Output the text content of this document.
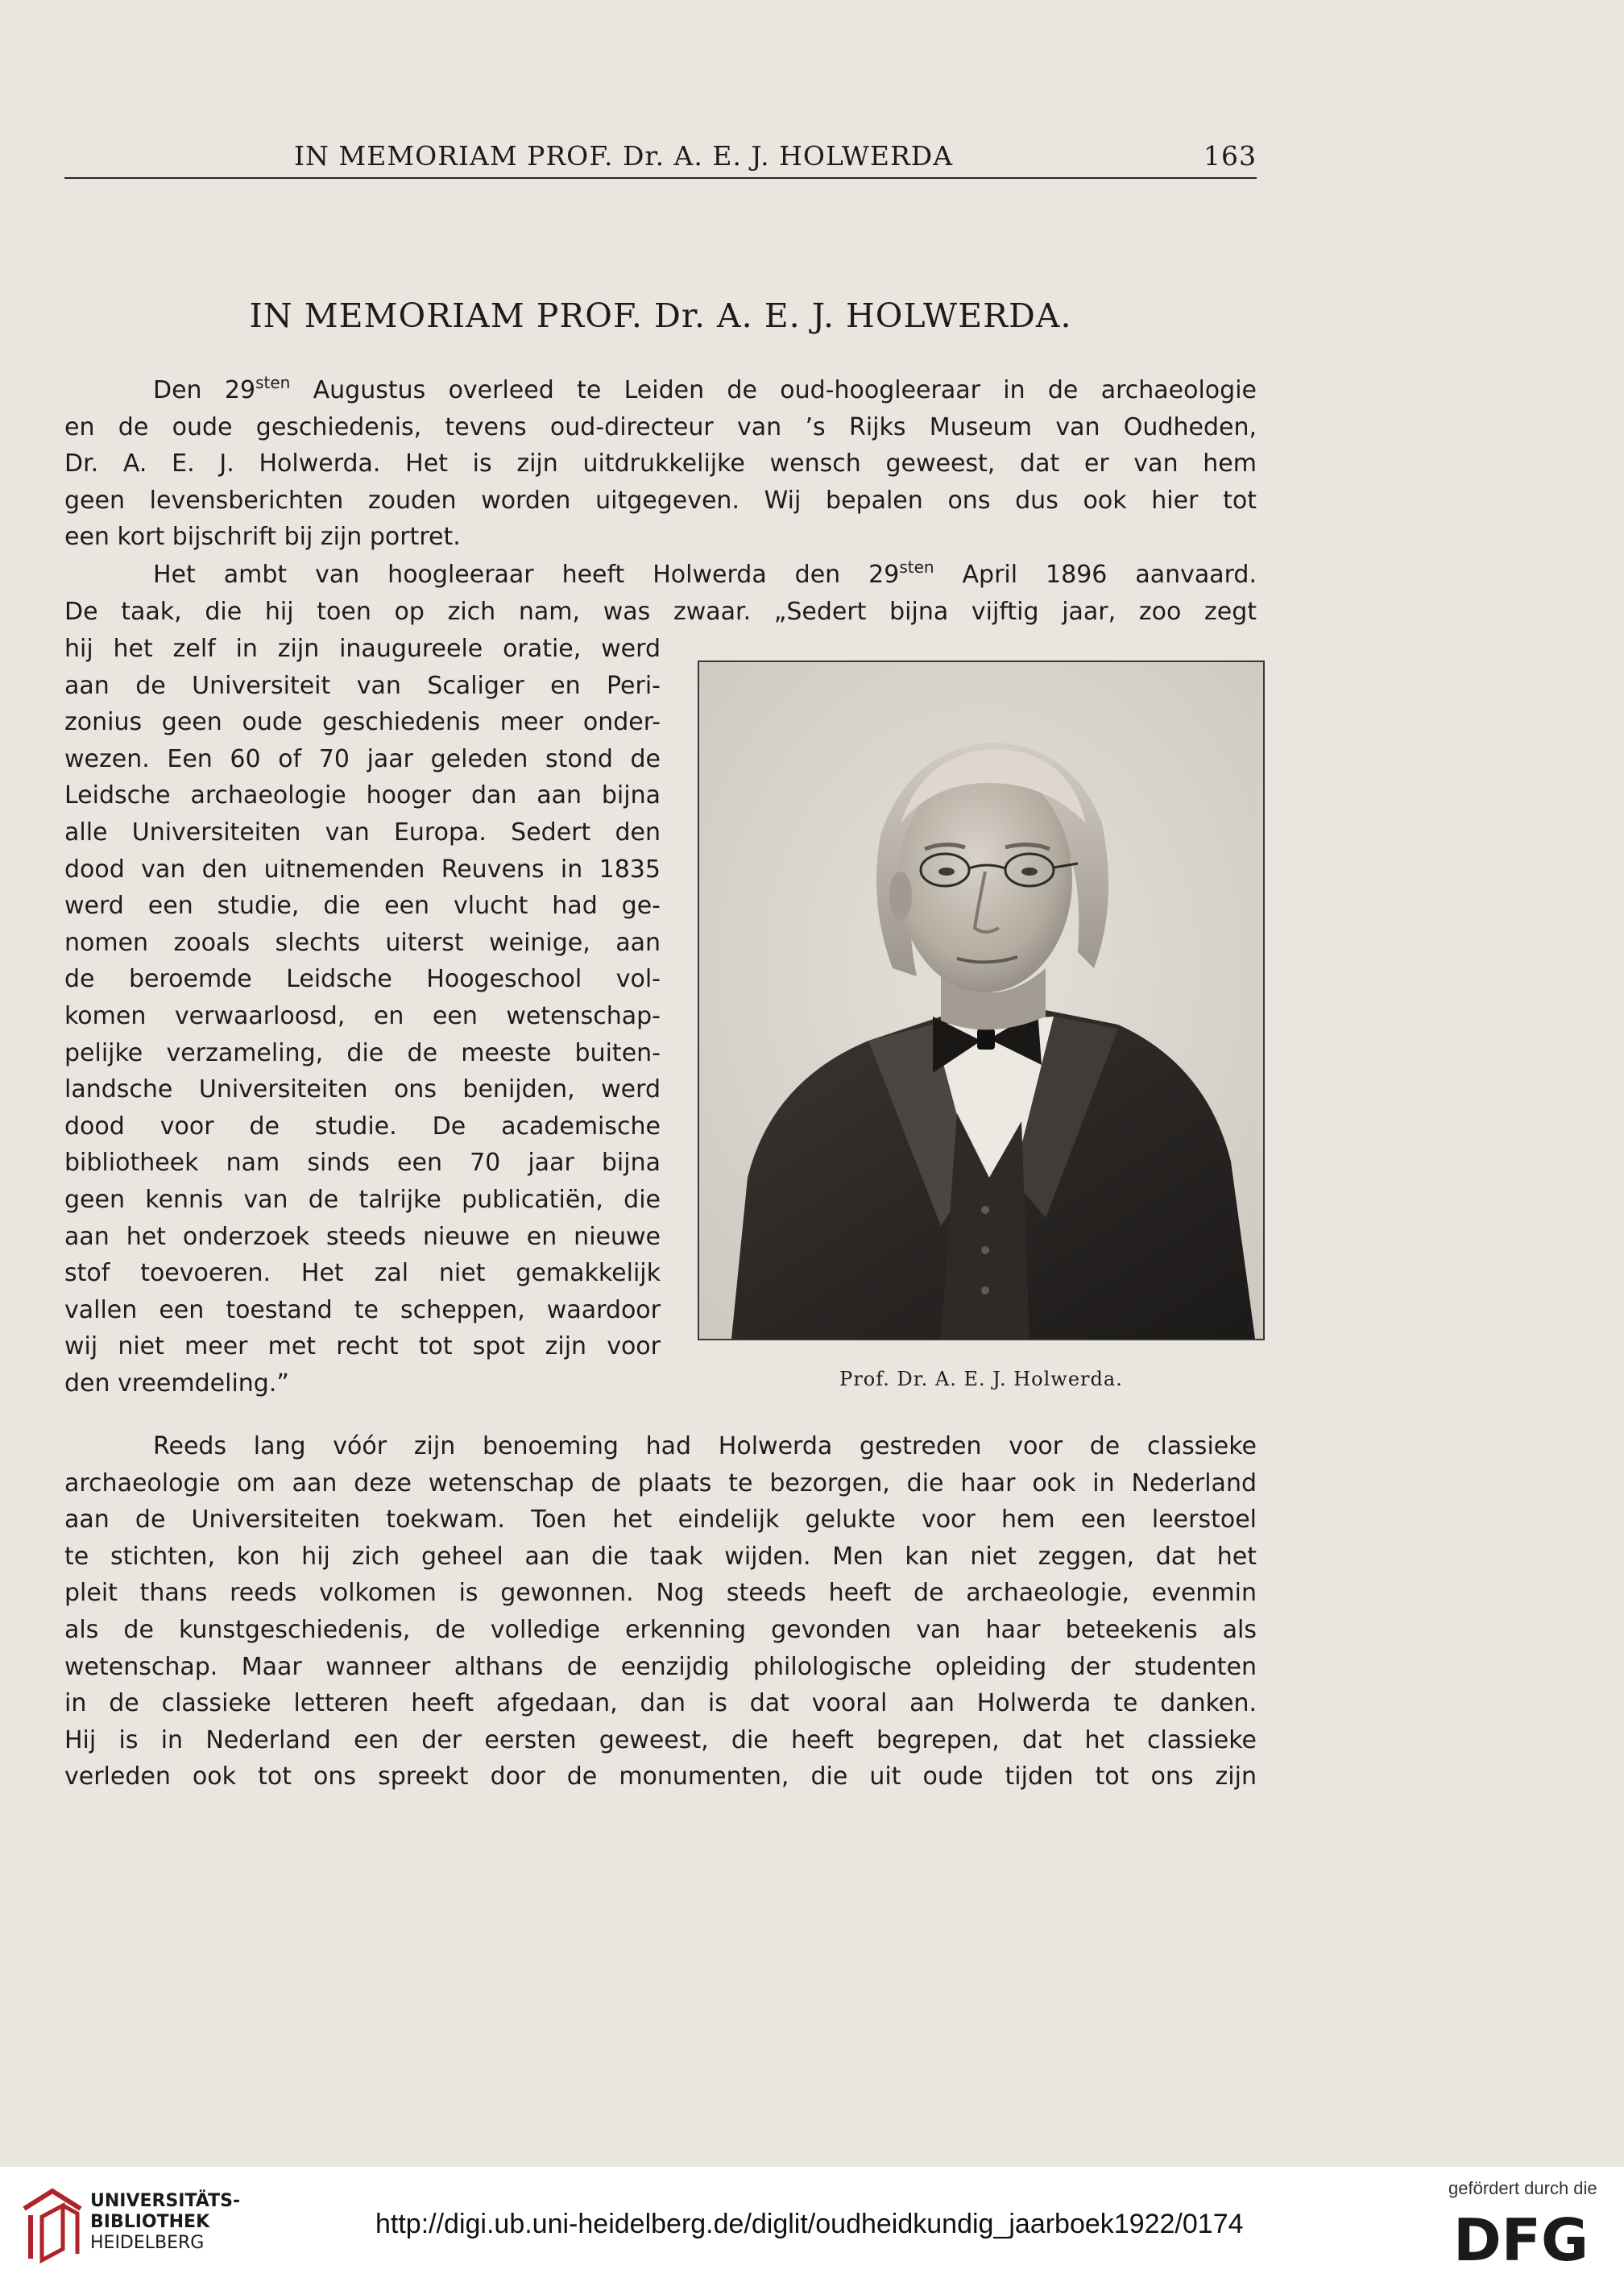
IN MEMORIAM PROF. Dr. A. E. J. HOLWERDA	163
IN MEMORIAM PROF. Dr. A. E. J. HOLWERDA.
Den $29^{sten}$ Augustus overleed te Leiden de oud-hoogleeraar in de archaeologie
en de oude geschiedenis, tevens oud-directeur van ’s Rijks Museum van Oudheden,
Dr. A. E. J. Holwerda. Het is zijn uitdrukkelijke wensch geweest, dat er van hem
geen levensberichten zouden worden uitgegeven. Wij bepalen ons dus ook hier tot
een kort bijschrift bij zijn portret.
Het ambt van hoogleeraar heeft Holwerda den $29^{sten}$ April 1896 aanvaard.
De taak, die hij toen op zich nam, was zwaar. „Sedert bijna vijftig jaar, zoo zegt
hij het zelf in zijn inaugureele oratie, werd
aan de Universiteit van Scaliger en Peri-
zonius geen oude geschiedenis meer onder-
wezen. Een 60 of 70 jaar geleden stond de
Leidsche archaeologie hooger dan aan bijna
alle Universiteiten van Europa. Sedert den
dood van den uitnemenden Reuvens in 1835
werd een studie, die een vlucht had ge-
nomen zooals slechts uiterst weinige, aan
de beroemde Leidsche Hoogeschool vol-
komen verwaarloosd, en een wetenschap-
pelijke verzameling, die de meeste buiten-
landsche Universiteiten ons benijden, werd
dood voor de studie. De academische
bibliotheek nam sinds een 70 jaar bijna
geen kennis van de talrijke publicatiën, die
aan het onderzoek steeds nieuwe en nieuwe
stof toevoeren. Het zal niet gemakkelijk
vallen een toestand te scheppen, waardoor
wij niet meer met recht tot spot zijn voor
den vreemdeling.”	Prof. Dr. A. E. J. Holwerda.
Reeds lang vóór zijn benoeming had Holwerda gestreden voor de classieke
archaeologie om aan deze wetenschap de plaats te bezorgen, die haar ook in Nederland
aan de Universiteiten toekwam. Toen het eindelijk gelukte voor hem een leerstoel
te stichten, kon hij zich geheel aan die taak wijden. Men kan niet zeggen, dat het
pleit thans reeds volkomen is gewonnen. Nog steeds heeft de archaeologie, evenmin
als de kunstgeschiedenis, de volledige erkenning gevonden van haar beteekenis als
wetenschap. Maar wanneer althans de eenzijdig philologische opleiding der studenten
in de classieke letteren heeft afgedaan, dan is dat vooral aan Holwerda te danken.
Hij is in Nederland een der eersten geweest, die heeft begrepen, dat het classieke
verleden ook tot ons spreekt door de monumenten, die uit oude tijden tot ons zijn
UNIVERSITÄTS-
BIBLIOTHEK
HEIDELBERG
http://digi.ub.uni-heidelberg.de/diglit/oudheidkundig_jaarboek1922/0174
gefördert durch die
DFG
